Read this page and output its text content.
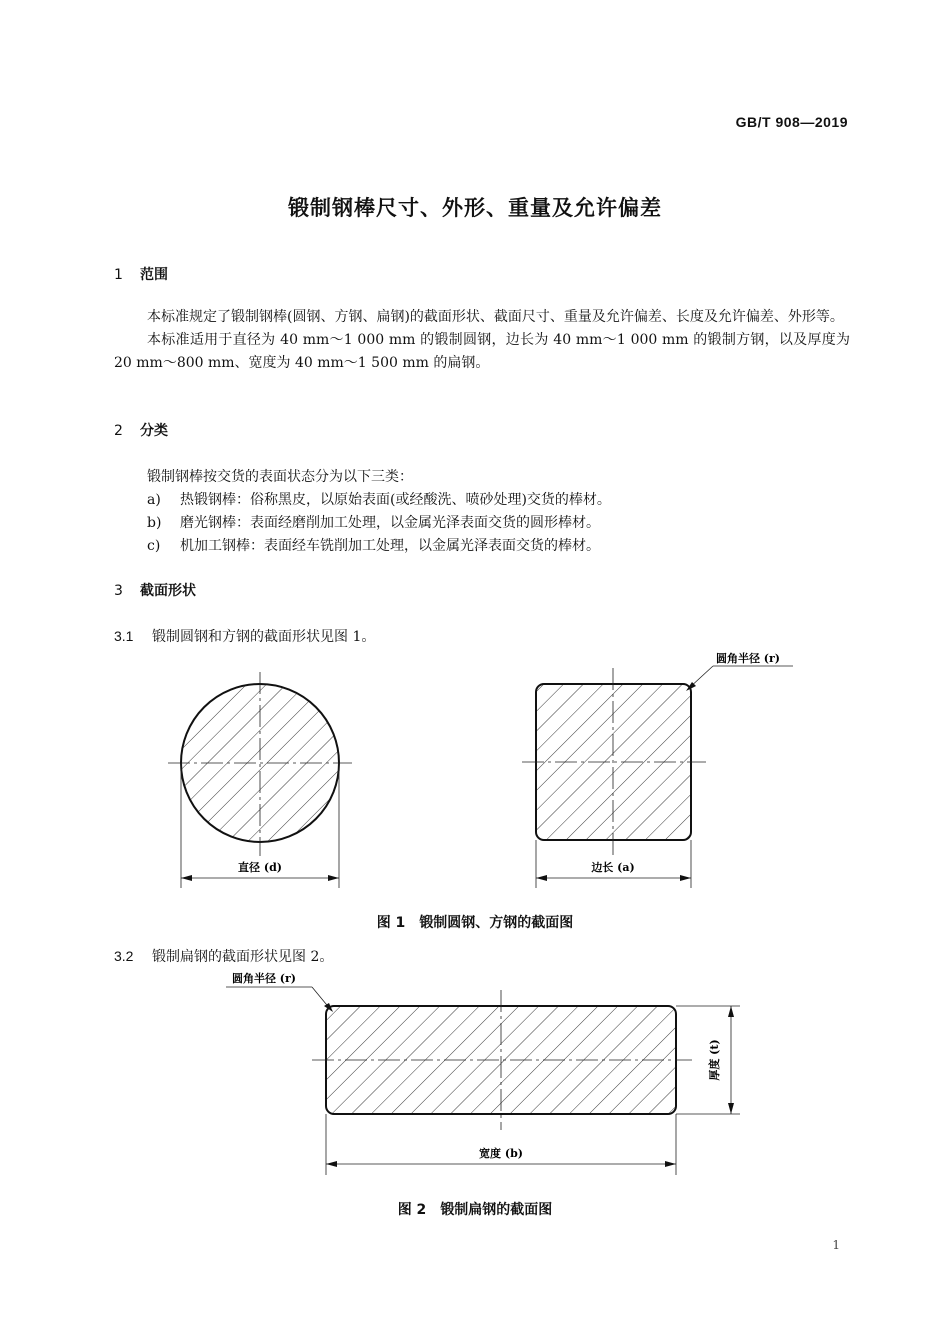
GB/T 908—2019
锻制钢棒尺寸、外形、重量及允许偏差
1 范围

本标准规定了锻制钢棒(圆钢、方钢、扁钢)的截面形状、截面尺寸、重量及允许偏差、长度及允许偏差、外形等。

本标准适用于直径为 40 mm～1 000 mm 的锻制圆钢，边长为 40 mm～1 000 mm 的锻制方钢，以及厚度为 20 mm～800 mm、宽度为 40 mm～1 500 mm 的扁钢。

2 分类
锻制钢棒按交货的表面状态分为以下三类：
a) 热锻钢棒：俗称黑皮，以原始表面(或经酸洗、喷砂处理)交货的棒材。
b) 磨光钢棒：表面经磨削加工处理，以金属光泽表面交货的圆形棒材。
c) 机加工钢棒：表面经车铣削加工处理，以金属光泽表面交货的棒材。
3 截面形状
3.1 锻制圆钢和方钢的截面形状见图 1。
直径 (d)	边长 (a)
圆角半径 (r)
圆角半径 (r)
宽度 (b)
厚度 (t)
图 1 锻制圆钢、方钢的截面图
3.2 锻制扁钢的截面形状见图 2。
图 2 锻制扁钢的截面图
1
